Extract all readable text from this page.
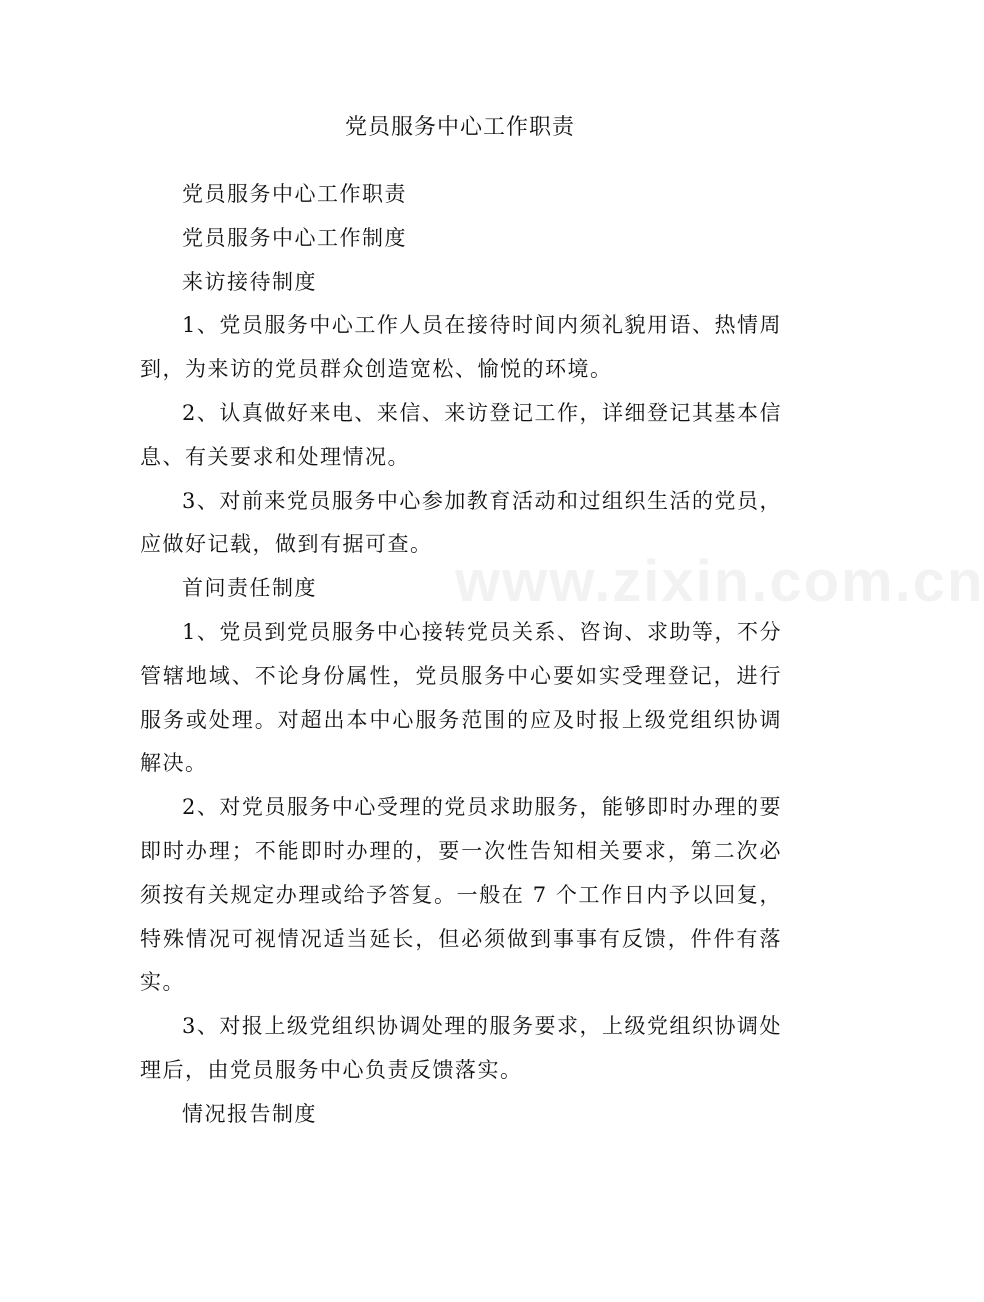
www.zixin.com.cn
党员服务中心工作职责

党员服务中心工作职责

党员服务中心工作制度

来访接待制度

1、党员服务中心工作人员在接待时间内须礼貌用语、热情周到，为来访的党员群众创造宽松、愉悦的环境。

2、认真做好来电、来信、来访登记工作，详细登记其基本信息、有关要求和处理情况。

3、对前来党员服务中心参加教育活动和过组织生活的党员，应做好记载，做到有据可查。

首问责任制度

1、党员到党员服务中心接转党员关系、咨询、求助等，不分管辖地域、不论身份属性，党员服务中心要如实受理登记，进行服务或处理。对超出本中心服务范围的应及时报上级党组织协调解决。

2、对党员服务中心受理的党员求助服务，能够即时办理的要即时办理；不能即时办理的，要一次性告知相关要求，第二次必须按有关规定办理或给予答复。一般在 7 个工作日内予以回复，特殊情况可视情况适当延长，但必须做到事事有反馈，件件有落实。

3、对报上级党组织协调处理的服务要求，上级党组织协调处理后，由党员服务中心负责反馈落实。

情况报告制度
